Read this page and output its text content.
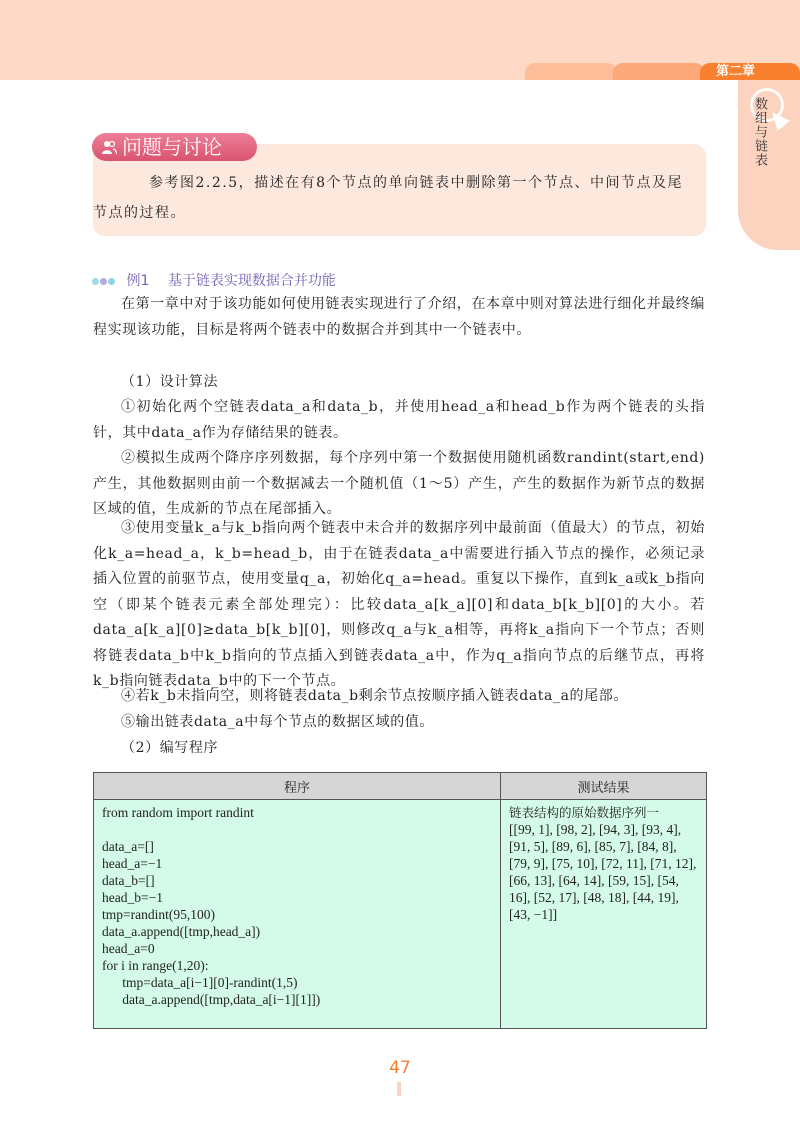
第二章
数组与链表
问题与讨论
参考图2.2.5，描述在有8个节点的单向链表中删除第一个节点、中间节点及尾节点的过程。
例1 基于链表实现数据合并功能
在第一章中对于该功能如何使用链表实现进行了介绍，在本章中则对算法进行细化并最终编程实现该功能，目标是将两个链表中的数据合并到其中一个链表中。
（1）设计算法
①初始化两个空链表data_a和data_b，并使用head_a和head_b作为两个链表的头指针，其中data_a作为存储结果的链表。
②模拟生成两个降序序列数据，每个序列中第一个数据使用随机函数randint(start,end)产生，其他数据则由前一个数据减去一个随机值（1～5）产生，产生的数据作为新节点的数据区域的值，生成新的节点在尾部插入。
③使用变量k_a与k_b指向两个链表中未合并的数据序列中最前面（值最大）的节点，初始化k_a=head_a，k_b=head_b，由于在链表data_a中需要进行插入节点的操作，必须记录插入位置的前驱节点，使用变量q_a，初始化q_a=head。重复以下操作，直到k_a或k_b指向空（即某个链表元素全部处理完）：比较data_a[k_a][0]和data_b[k_b][0]的大小。若data_a[k_a][0]≥data_b[k_b][0]，则修改q_a与k_a相等，再将k_a指向下一个节点；否则将链表data_b中k_b指向的节点插入到链表data_a中，作为q_a指向节点的后继节点，再将k_b指向链表data_b中的下一个节点。
④若k_b未指向空，则将链表data_b剩余节点按顺序插入链表data_a的尾部。
⑤输出链表data_a中每个节点的数据区域的值。
（2）编写程序
程序	测试结果

from random import randint
data_a=[]
head_a=−1
data_b=[]
head_b=−1
tmp=randint(95,100)
data_a.append([tmp,head_a])
head_a=0
for i in range(1,20):
tmp=data_a[i−1][0]-randint(1,5)
data_a.append([tmp,data_a[i−1][1]])

链表结构的原始数据序列一
[[99, 1], [98, 2], [94, 3], [93, 4], [91, 5], [89, 6], [85, 7], [84, 8], [79, 9], [75, 10], [72, 11], [71, 12], [66, 13], [64, 14], [59, 15], [54, 16], [52, 17], [48, 18], [44, 19], [43, −1]]
47
